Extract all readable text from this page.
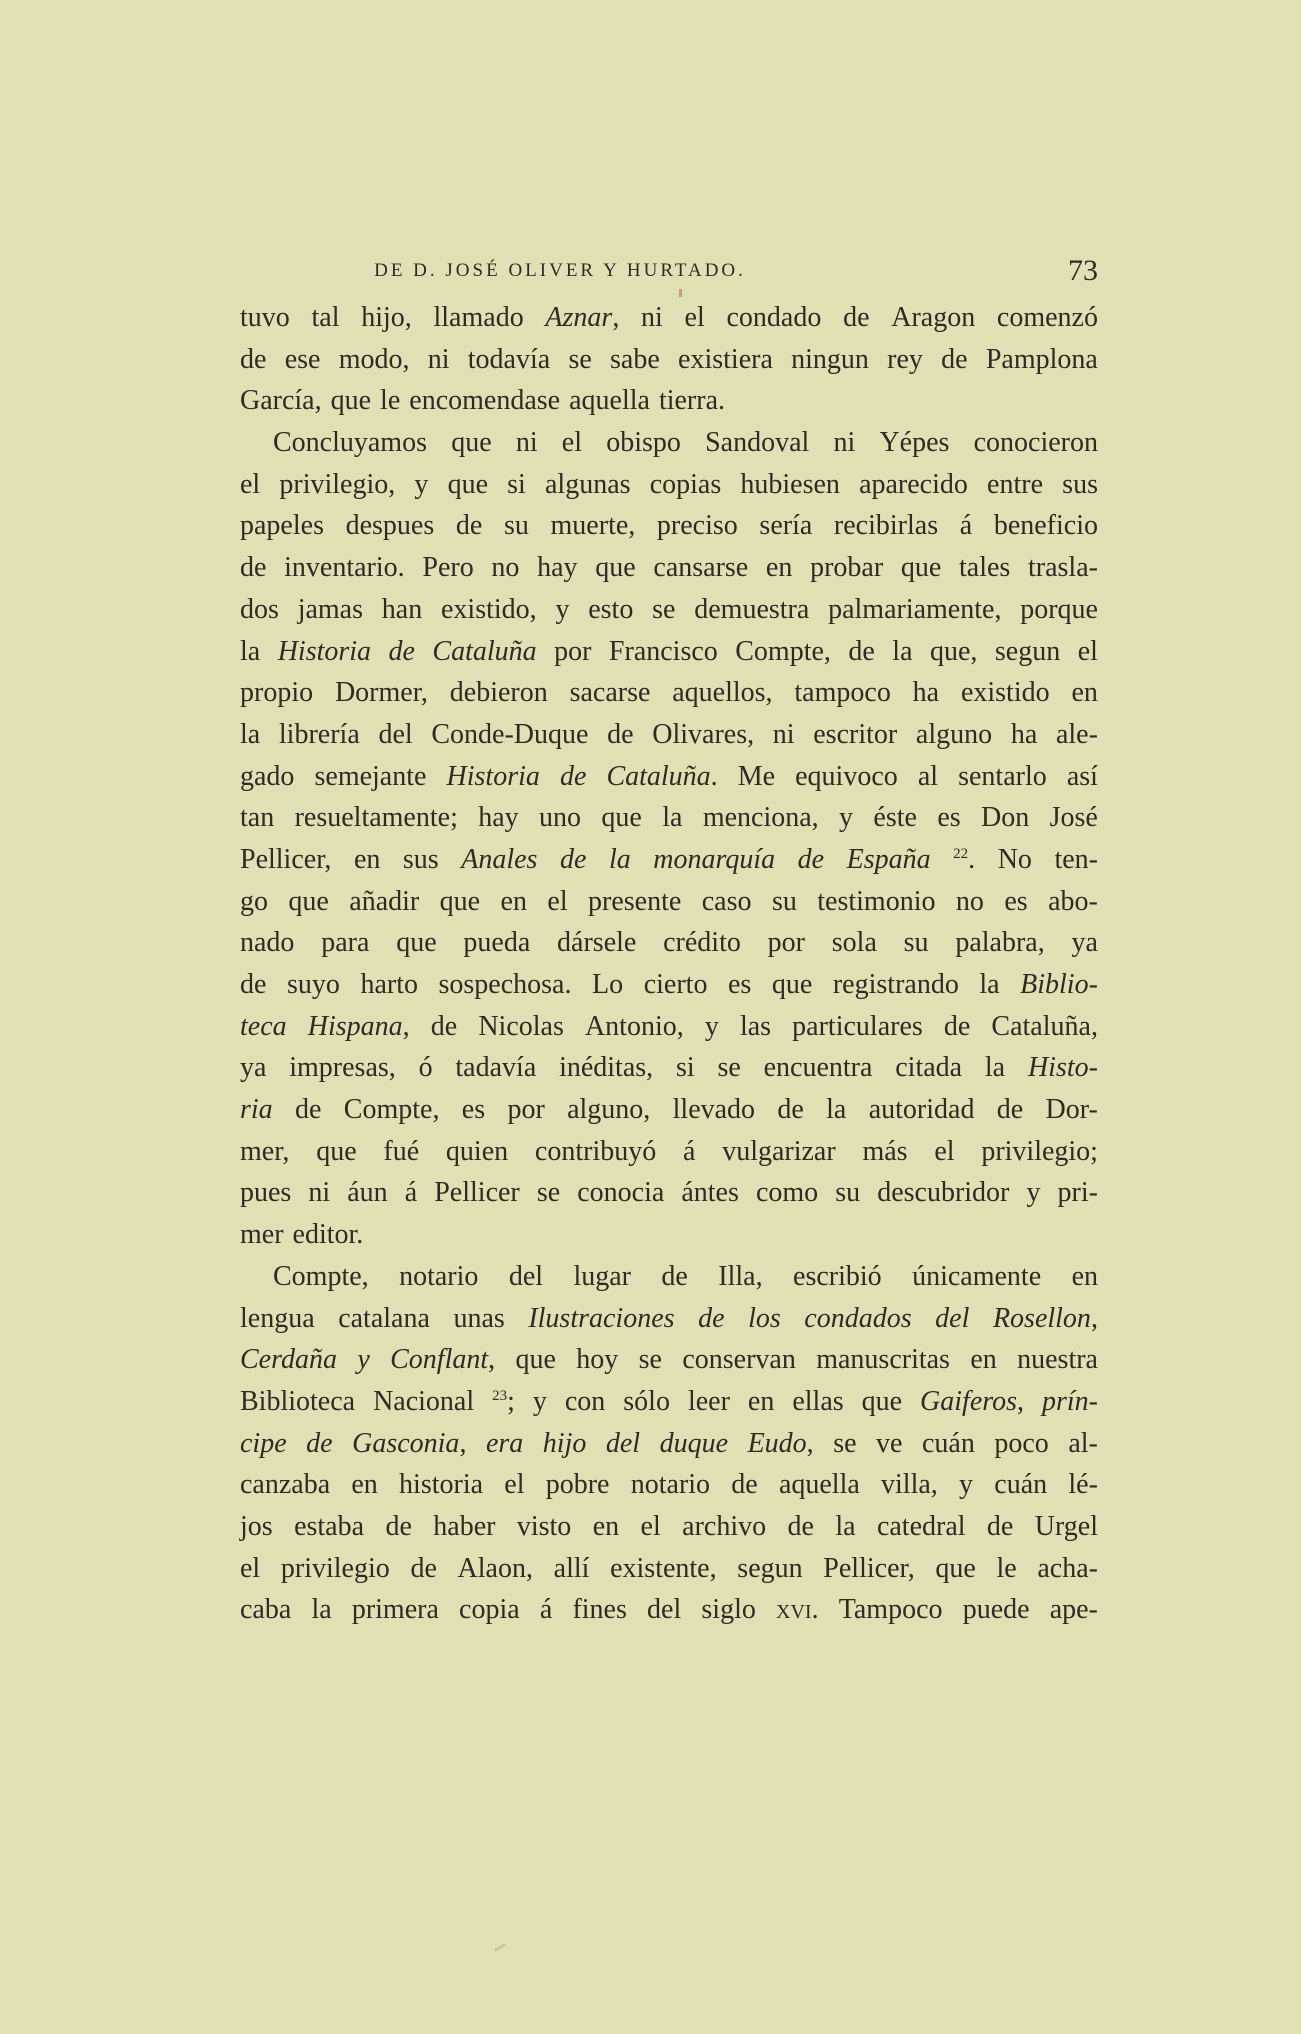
DE D. JOSÉ OLIVER Y HURTADO.	73
tuvo tal hijo, llamado Aznar, ni el condado de Aragon comenzó
de ese modo, ni todavía se sabe existiera ningun rey de Pamplona
García, que le encomendase aquella tierra.
Concluyamos que ni el obispo Sandoval ni Yépes conocieron
el privilegio, y que si algunas copias hubiesen aparecido entre sus
papeles despues de su muerte, preciso sería recibirlas á beneficio
de inventario. Pero no hay que cansarse en probar que tales trasla-
dos jamas han existido, y esto se demuestra palmariamente, porque
la Historia de Cataluña por Francisco Compte, de la que, segun el
propio Dormer, debieron sacarse aquellos, tampoco ha existido en
la librería del Conde-Duque de Olivares, ni escritor alguno ha ale-
gado semejante Historia de Cataluña. Me equivoco al sentarlo así
tan resueltamente; hay uno que la menciona, y éste es Don José
Pellicer, en sus Anales de la monarquía de España $^{22}$. No ten-
go que añadir que en el presente caso su testimonio no es abo-
nado para que pueda dársele crédito por sola su palabra, ya
de suyo harto sospechosa. Lo cierto es que registrando la Biblio-
teca Hispana, de Nicolas Antonio, y las particulares de Cataluña,
ya impresas, ó tadavía inéditas, si se encuentra citada la Histo-
ria de Compte, es por alguno, llevado de la autoridad de Dor-
mer, que fué quien contribuyó á vulgarizar más el privilegio;
pues ni áun á Pellicer se conocia ántes como su descubridor y pri-
mer editor.
Compte, notario del lugar de Illa, escribió únicamente en
lengua catalana unas Ilustraciones de los condados del Rosellon,
Cerdaña y Conflant, que hoy se conservan manuscritas en nuestra
Biblioteca Nacional $^{23}$; y con sólo leer en ellas que Gaiferos, prín-
cipe de Gasconia, era hijo del duque Eudo, se ve cuán poco al-
canzaba en historia el pobre notario de aquella villa, y cuán lé-
jos estaba de haber visto en el archivo de la catedral de Urgel
el privilegio de Alaon, allí existente, segun Pellicer, que le acha-
caba la primera copia á fines del siglo xvi. Tampoco puede ape-
